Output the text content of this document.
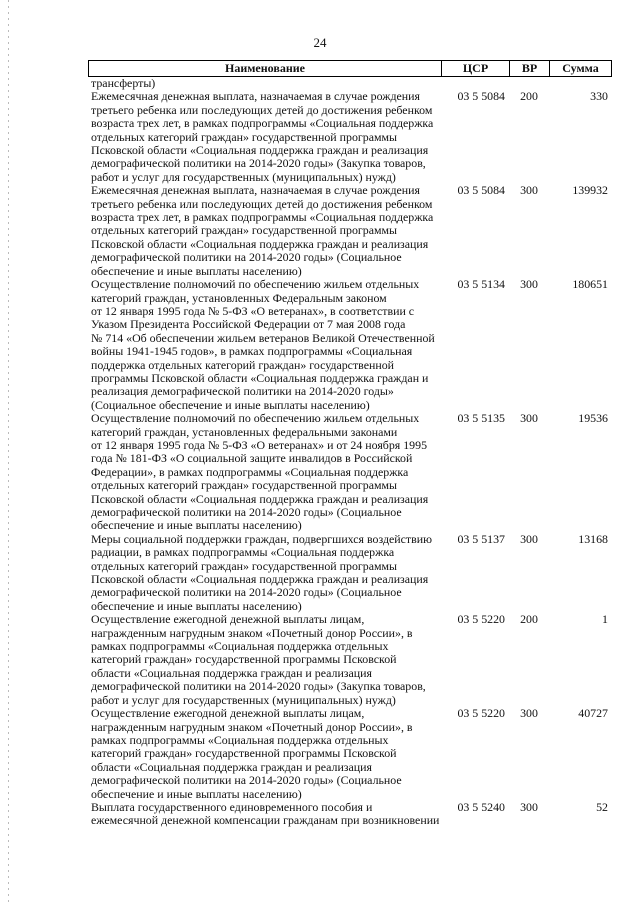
24
Наименование	ЦСР	ВР	Сумма
трансферты)
Ежемесячная денежная выплата, назначаемая в случае рождения
третьего ребенка или последующих детей до достижения ребенком
возраста трех лет, в рамках подпрограммы «Социальная поддержка
отдельных категорий граждан» государственной программы
Псковской области «Социальная поддержка граждан и реализация
демографической политики на 2014-2020 годы» (Закупка товаров,
работ и услуг для государственных (муниципальных) нужд)
03 5 5084	200	330
Ежемесячная денежная выплата, назначаемая в случае рождения
третьего ребенка или последующих детей до достижения ребенком
возраста трех лет, в рамках подпрограммы «Социальная поддержка
отдельных категорий граждан» государственной программы
Псковской области «Социальная поддержка граждан и реализация
демографической политики на 2014-2020 годы» (Социальное
обеспечение и иные выплаты населению)
03 5 5084	300	139932
Осуществление полномочий по обеспечению жильем отдельных
категорий граждан, установленных Федеральным законом
от 12 января 1995 года № 5-ФЗ «О ветеранах», в соответствии с
Указом Президента Российской Федерации от 7 мая 2008 года
№ 714 «Об обеспечении жильем ветеранов Великой Отечественной
войны 1941-1945 годов», в рамках подпрограммы «Социальная
поддержка отдельных категорий граждан» государственной
программы Псковской области «Социальная поддержка граждан и
реализация демографической политики на 2014-2020 годы»
(Социальное обеспечение и иные выплаты населению)
03 5 5134	300	180651
Осуществление полномочий по обеспечению жильем отдельных
категорий граждан, установленных федеральными законами
от 12 января 1995 года № 5-ФЗ «О ветеранах» и от 24 ноября 1995
года № 181-ФЗ «О социальной защите инвалидов в Российской
Федерации», в рамках подпрограммы «Социальная поддержка
отдельных категорий граждан» государственной программы
Псковской области «Социальная поддержка граждан и реализация
демографической политики на 2014-2020 годы» (Социальное
обеспечение и иные выплаты населению)
03 5 5135	300	19536
Меры социальной поддержки граждан, подвергшихся воздействию
радиации, в рамках подпрограммы «Социальная поддержка
отдельных категорий граждан» государственной программы
Псковской области «Социальная поддержка граждан и реализация
демографической политики на 2014-2020 годы» (Социальное
обеспечение и иные выплаты населению)
03 5 5137	300	13168
Осуществление ежегодной денежной выплаты лицам,
награжденным нагрудным знаком «Почетный донор России», в
рамках подпрограммы «Социальная поддержка отдельных
категорий граждан» государственной программы Псковской
области «Социальная поддержка граждан и реализация
демографической политики на 2014-2020 годы» (Закупка товаров,
работ и услуг для государственных (муниципальных) нужд)
03 5 5220	200	1
Осуществление ежегодной денежной выплаты лицам,
награжденным нагрудным знаком «Почетный донор России», в
рамках подпрограммы «Социальная поддержка отдельных
категорий граждан» государственной программы Псковской
области «Социальная поддержка граждан и реализация
демографической политики на 2014-2020 годы» (Социальное
обеспечение и иные выплаты населению)
03 5 5220	300	40727
Выплата государственного единовременного пособия и
ежемесячной денежной компенсации гражданам при возникновении
03 5 5240	300	52
